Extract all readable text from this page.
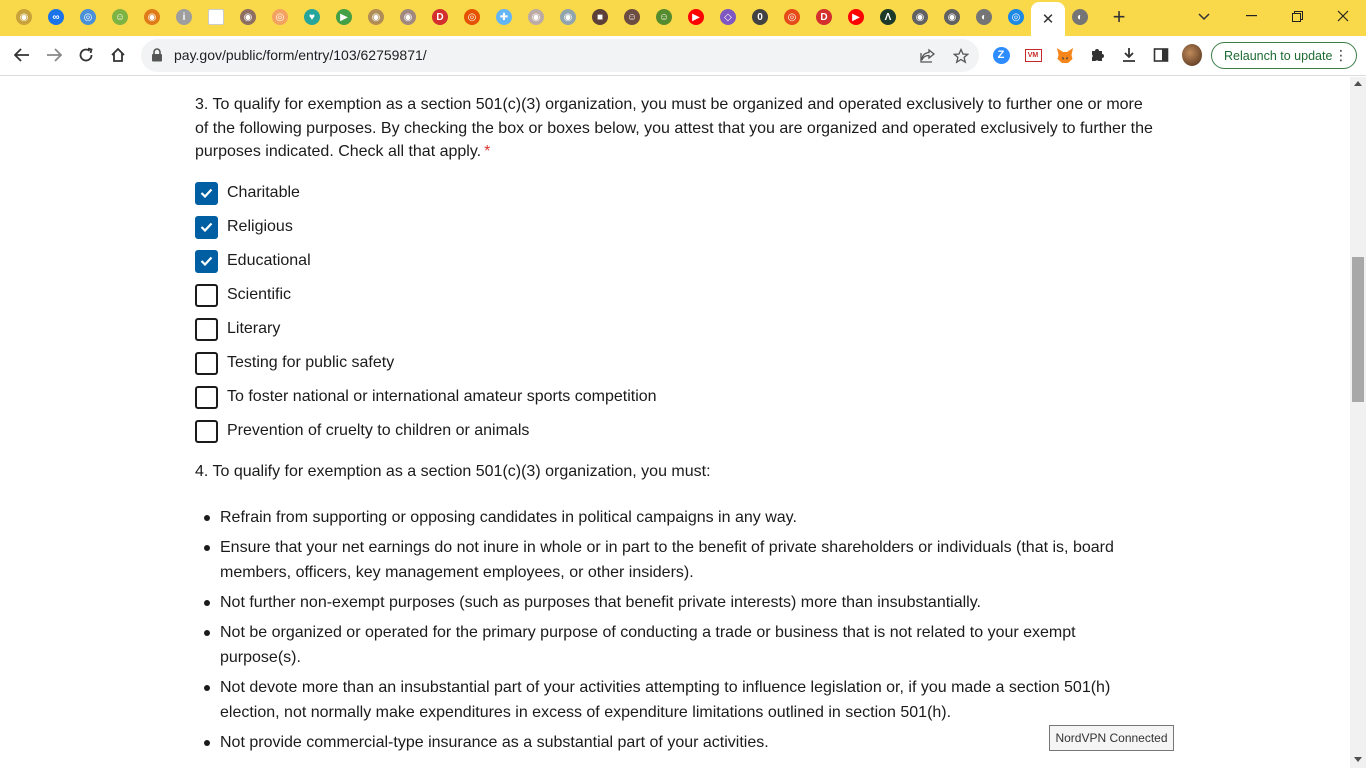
◉	∞	◎	☺	◉	i	◉	◎	♥	▶	◉	◉	D	◎	✚	◉	◉	■	☺ ☺	▶	◇	0	◎	D	▶	Λ	◉	◉	◐	◎ ✕	◐ +
pay.gov/public/form/entry/103/62759871/	Z	VM	Relaunch to update ⋮

3. To qualify for exemption as a section 501(c)(3) organization, you must be organized and operated exclusively to further one or more of the following purposes. By checking the box or boxes below, you attest that you are organized and operated exclusively to further the purposes indicated. Check all that apply. *

Charitable
Religious
Educational
Scientific
Literary
Testing for public safety
To foster national or international amateur sports competition
Prevention of cruelty to children or animals

4. To qualify for exemption as a section 501(c)(3) organization, you must:

Refrain from supporting or opposing candidates in political campaigns in any way.
Ensure that your net earnings do not inure in whole or in part to the benefit of private shareholders or individuals (that is, board members, officers, key management employees, or other insiders).
Not further non-exempt purposes (such as purposes that benefit private interests) more than insubstantially.
Not be organized or operated for the primary purpose of conducting a trade or business that is not related to your exempt purpose(s).
Not devote more than an insubstantial part of your activities attempting to influence legislation or, if you made a section 501(h) election, not normally make expenditures in excess of expenditure limitations outlined in section 501(h).
Not provide commercial-type insurance as a substantial part of your activities.	NordVPN Connected
